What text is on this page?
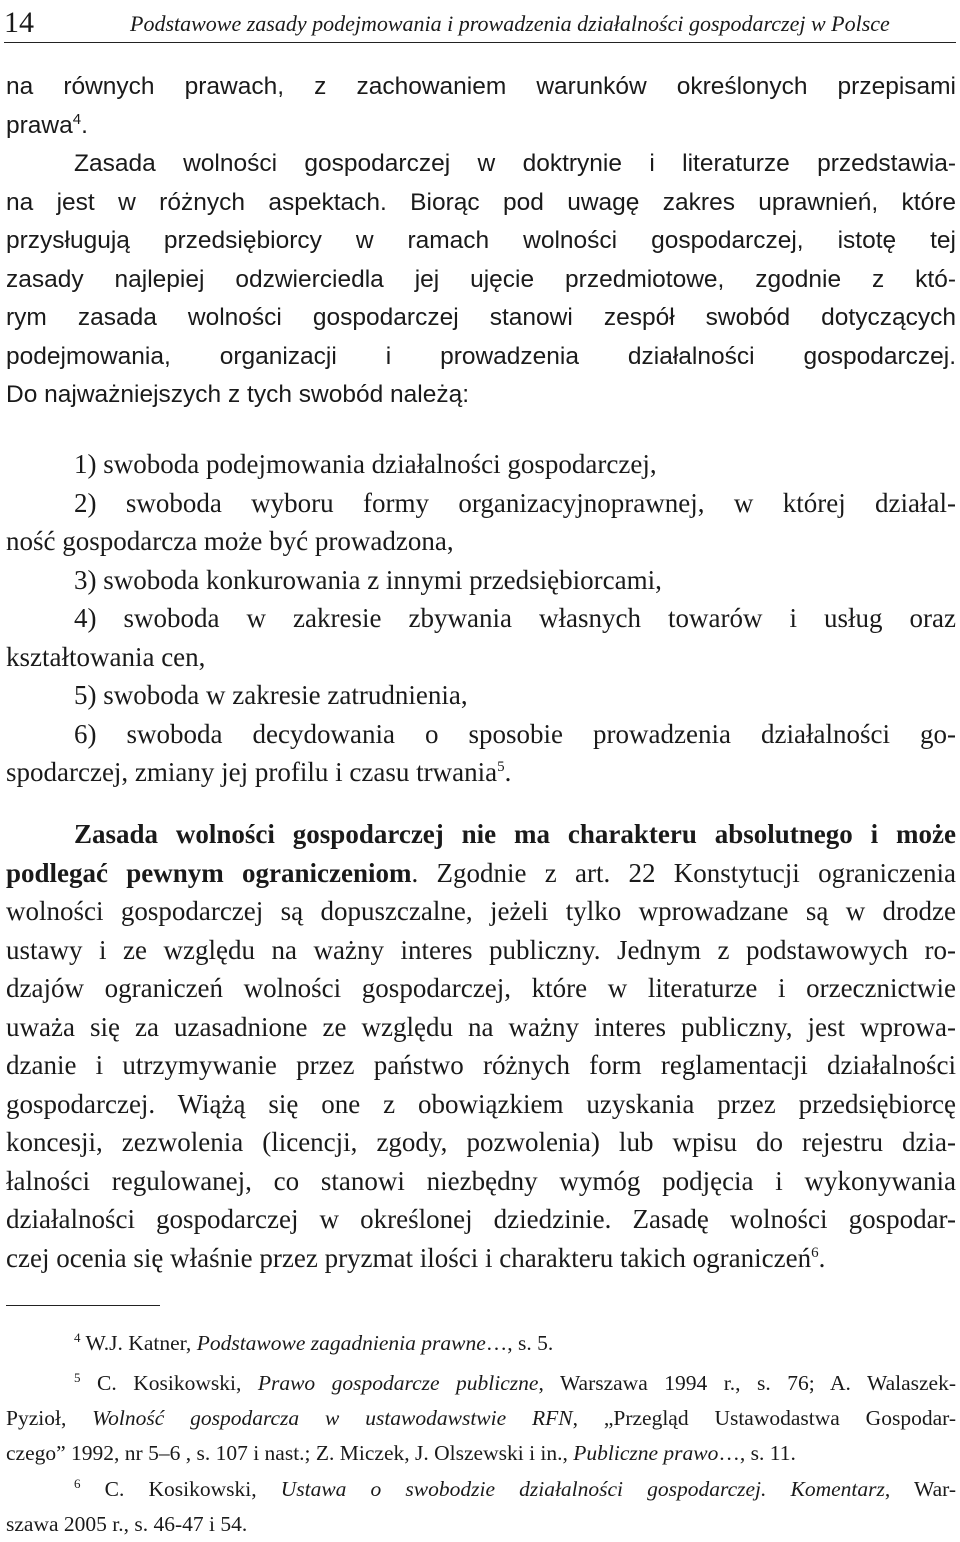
14	Podstawowe zasady podejmowania i prowadzenia działalności gospodarczej w Polsce
na równych prawach, z zachowaniem warunków określonych przepisami
prawa$^4$.
Zasada wolności gospodarczej w doktrynie i literaturze przedstawia-
na jest w różnych aspektach. Biorąc pod uwagę zakres uprawnień, które
przysługują przedsiębiorcy w ramach wolności gospodarczej, istotę tej
zasady najlepiej odzwierciedla jej ujęcie przedmiotowe, zgodnie z któ-
rym zasada wolności gospodarczej stanowi zespół swobód dotyczących
podejmowania, organizacji i prowadzenia działalności gospodarczej.
Do najważniejszych z tych swobód należą:
1) swoboda podejmowania działalności gospodarczej,
2) swoboda wyboru formy organizacyjnoprawnej, w której działal-
ność gospodarcza może być prowadzona,
3) swoboda konkurowania z innymi przedsiębiorcami,
4) swoboda w zakresie zbywania własnych towarów i usług oraz
kształtowania cen,
5) swoboda w zakresie zatrudnienia,
6) swoboda decydowania o sposobie prowadzenia działalności go-
spodarczej, zmiany jej profilu i czasu trwania$^5$.
Zasada wolności gospodarczej nie ma charakteru absolutnego i może
podlegać pewnym ograniczeniom. Zgodnie z art. 22 Konstytucji ograniczenia
wolności gospodarczej są dopuszczalne, jeżeli tylko wprowadzane są w drodze
ustawy i ze względu na ważny interes publiczny. Jednym z podstawowych ro-
dzajów ograniczeń wolności gospodarczej, które w literaturze i orzecznictwie
uważa się za uzasadnione ze względu na ważny interes publiczny, jest wprowa-
dzanie i utrzymywanie przez państwo różnych form reglamentacji działalności
gospodarczej. Wiążą się one z obowiązkiem uzyskania przez przedsiębiorcę
koncesji, zezwolenia (licencji, zgody, pozwolenia) lub wpisu do rejestru dzia-
łalności regulowanej, co stanowi niezbędny wymóg podjęcia i wykonywania
działalności gospodarczej w określonej dziedzinie. Zasadę wolności gospodar-
czej ocenia się właśnie przez pryzmat ilości i charakteru takich ograniczeń$^6$.
$^4$ W.J. Katner, Podstawowe zagadnienia prawne…, s. 5.
$^5$ C. Kosikowski, Prawo gospodarcze publiczne, Warszawa 1994 r., s. 76; A. Walaszek-
Pyzioł, Wolność gospodarcza w ustawodawstwie RFN, „Przegląd Ustawodastwa Gospodar-
czego” 1992, nr 5–6 , s. 107 i nast.; Z. Miczek, J. Olszewski i in., Publiczne prawo…, s. 11.
$^6$ C. Kosikowski, Ustawa o swobodzie działalności gospodarczej. Komentarz, War-
szawa 2005 r., s. 46-47 i 54.
